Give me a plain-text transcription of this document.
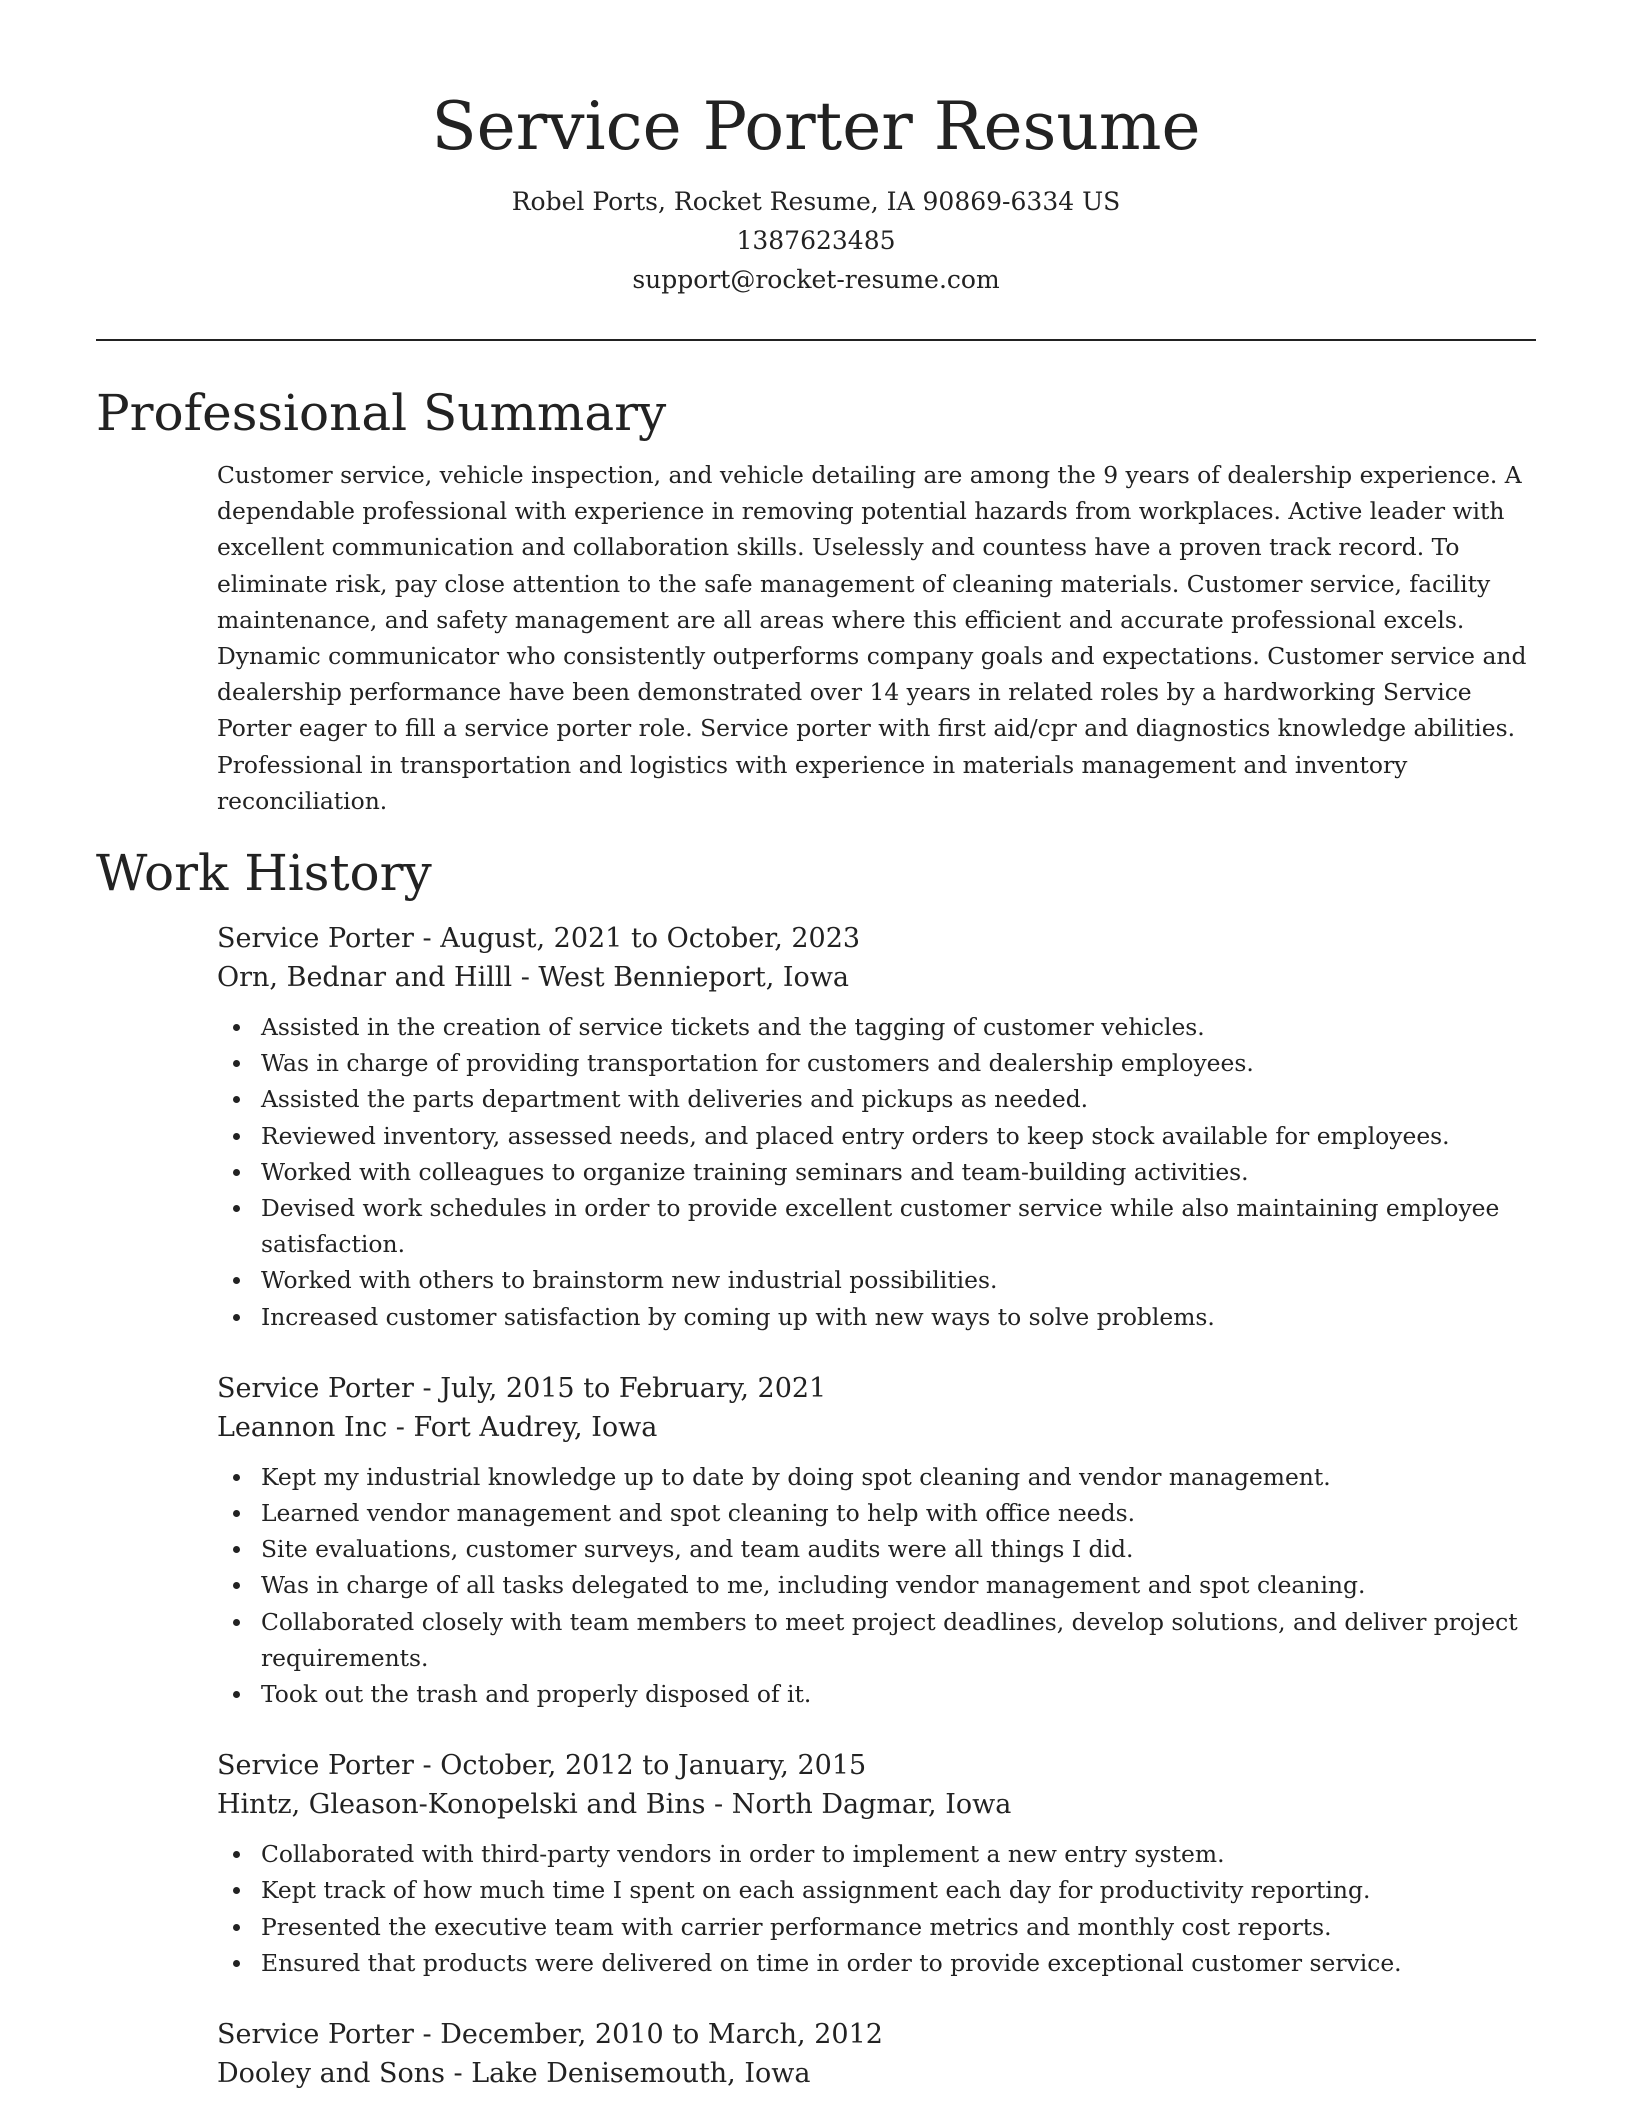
Service Porter Resume

Robel Ports, Rocket Resume, IA 90869-6334 US

1387623485

support@rocket-resume.com

Professional Summary

Customer service, vehicle inspection, and vehicle detailing are among the 9 years of dealership experience. A dependable professional with experience in removing potential hazards from workplaces. Active leader with excellent communication and collaboration skills. Uselessly and countess have a proven track record. To eliminate risk, pay close attention to the safe management of cleaning materials. Customer service, facility maintenance, and safety management are all areas where this efficient and accurate professional excels. Dynamic communicator who consistently outperforms company goals and expectations. Customer service and dealership performance have been demonstrated over 14 years in related roles by a hardworking Service Porter eager to fill a service porter role. Service porter with first aid/cpr and diagnostics knowledge abilities. Professional in transportation and logistics with experience in materials management and inventory reconciliation.

Work History

Service Porter - August, 2021 to October, 2023

Orn, Bednar and Hilll - West Bennieport, Iowa

Assisted in the creation of service tickets and the tagging of customer vehicles.
Was in charge of providing transportation for customers and dealership employees.
Assisted the parts department with deliveries and pickups as needed.
Reviewed inventory, assessed needs, and placed entry orders to keep stock available for employees.
Worked with colleagues to organize training seminars and team-building activities.
Devised work schedules in order to provide excellent customer service while also maintaining employee satisfaction.
Worked with others to brainstorm new industrial possibilities.
Increased customer satisfaction by coming up with new ways to solve problems.

Service Porter - July, 2015 to February, 2021

Leannon Inc - Fort Audrey, Iowa

Kept my industrial knowledge up to date by doing spot cleaning and vendor management.
Learned vendor management and spot cleaning to help with office needs.
Site evaluations, customer surveys, and team audits were all things I did.
Was in charge of all tasks delegated to me, including vendor management and spot cleaning.
Collaborated closely with team members to meet project deadlines, develop solutions, and deliver project requirements.
Took out the trash and properly disposed of it.

Service Porter - October, 2012 to January, 2015

Hintz, Gleason-Konopelski and Bins - North Dagmar, Iowa

Collaborated with third-party vendors in order to implement a new entry system.
Kept track of how much time I spent on each assignment each day for productivity reporting.
Presented the executive team with carrier performance metrics and monthly cost reports.
Ensured that products were delivered on time in order to provide exceptional customer service.

Service Porter - December, 2010 to March, 2012

Dooley and Sons - Lake Denisemouth, Iowa
